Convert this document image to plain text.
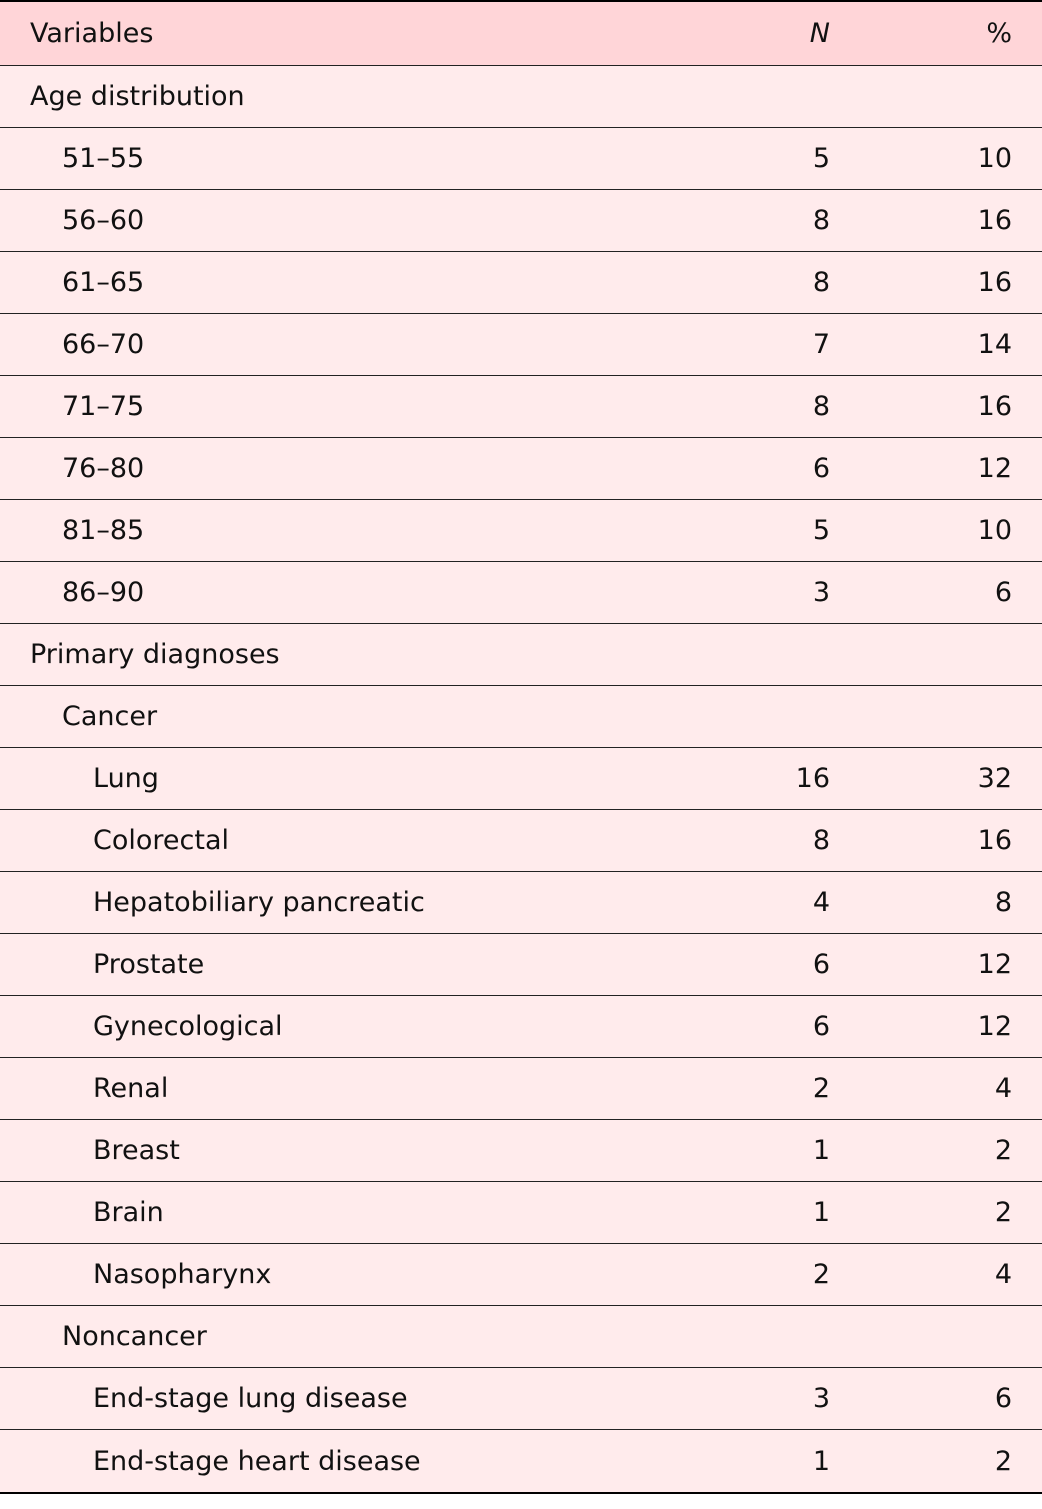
Variables	N	%
Age distribution
51–55	5	10
56–60	8	16
61–65	8	16
66–70	7	14
71–75	8	16
76–80	6	12
81–85	5	10
86–90	3	6
Primary diagnoses
Cancer
Lung	16	32
Colorectal	8	16
Hepatobiliary pancreatic	4	8
Prostate	6	12
Gynecological	6	12
Renal	2	4
Breast	1	2
Brain	1	2
Nasopharynx	2	4
Noncancer
End-stage lung disease	3	6
End-stage heart disease	1	2
